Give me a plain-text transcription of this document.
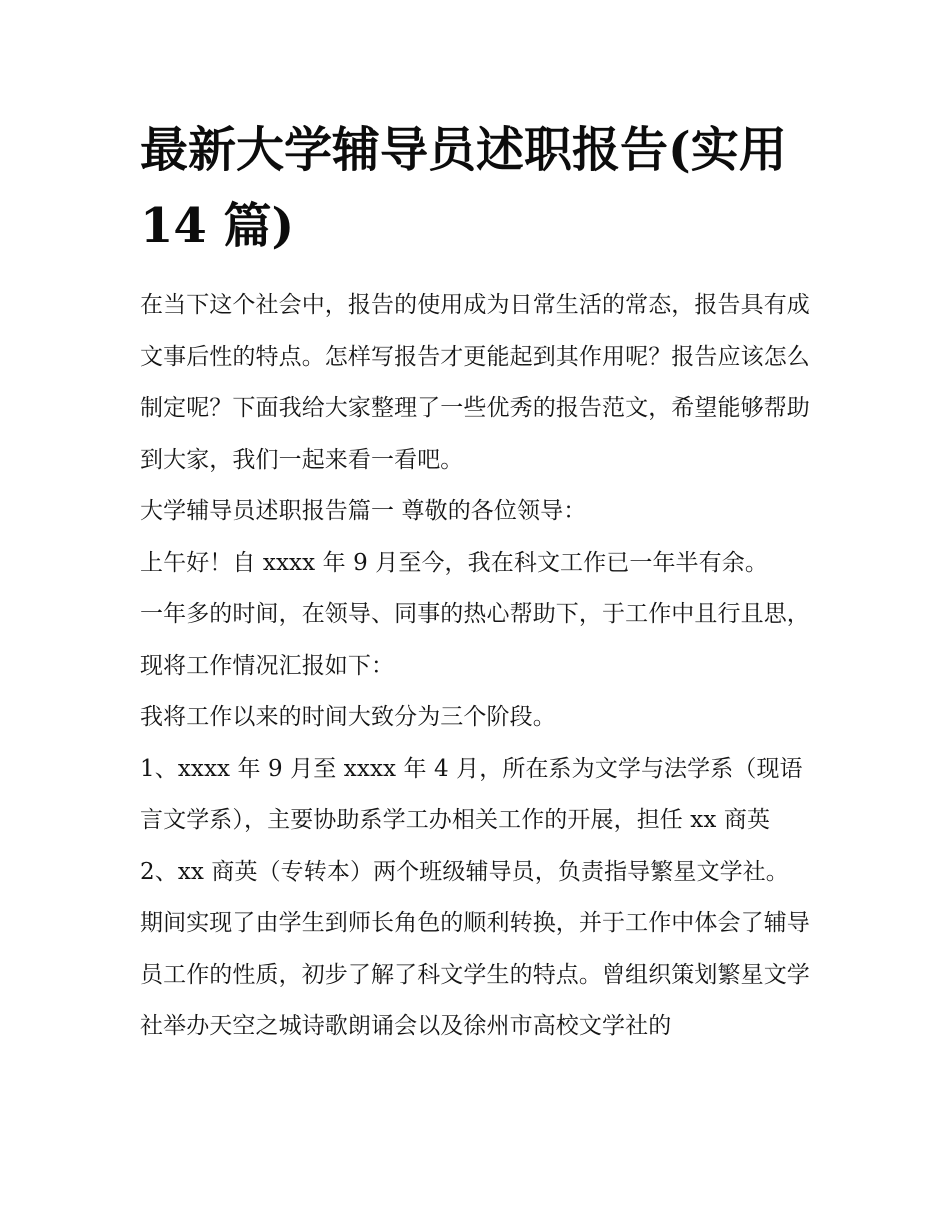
最新大学辅导员述职报告(实用 14 篇)

在当下这个社会中，报告的使用成为日常生活的常态，报告具有成文事后性的特点。怎样写报告才更能起到其作用呢？报告应该怎么制定呢？下面我给大家整理了一些优秀的报告范文，希望能够帮助到大家，我们一起来看一看吧。

大学辅导员述职报告篇一 尊敬的各位领导：

上午好！自 xxxx 年 9 月至今，我在科文工作已一年半有余。

一年多的时间，在领导、同事的热心帮助下，于工作中且行且思，现将工作情况汇报如下：

我将工作以来的时间大致分为三个阶段。

1、xxxx 年 9 月至 xxxx 年 4 月，所在系为文学与法学系（现语言文学系），主要协助系学工办相关工作的开展，担任 xx 商英 2、xx 商英（专转本）两个班级辅导员，负责指导繁星文学社。

期间实现了由学生到师长角色的顺利转换，并于工作中体会了辅导员工作的性质，初步了解了科文学生的特点。曾组织策划繁星文学社举办天空之城诗歌朗诵会以及徐州市高校文学社的
